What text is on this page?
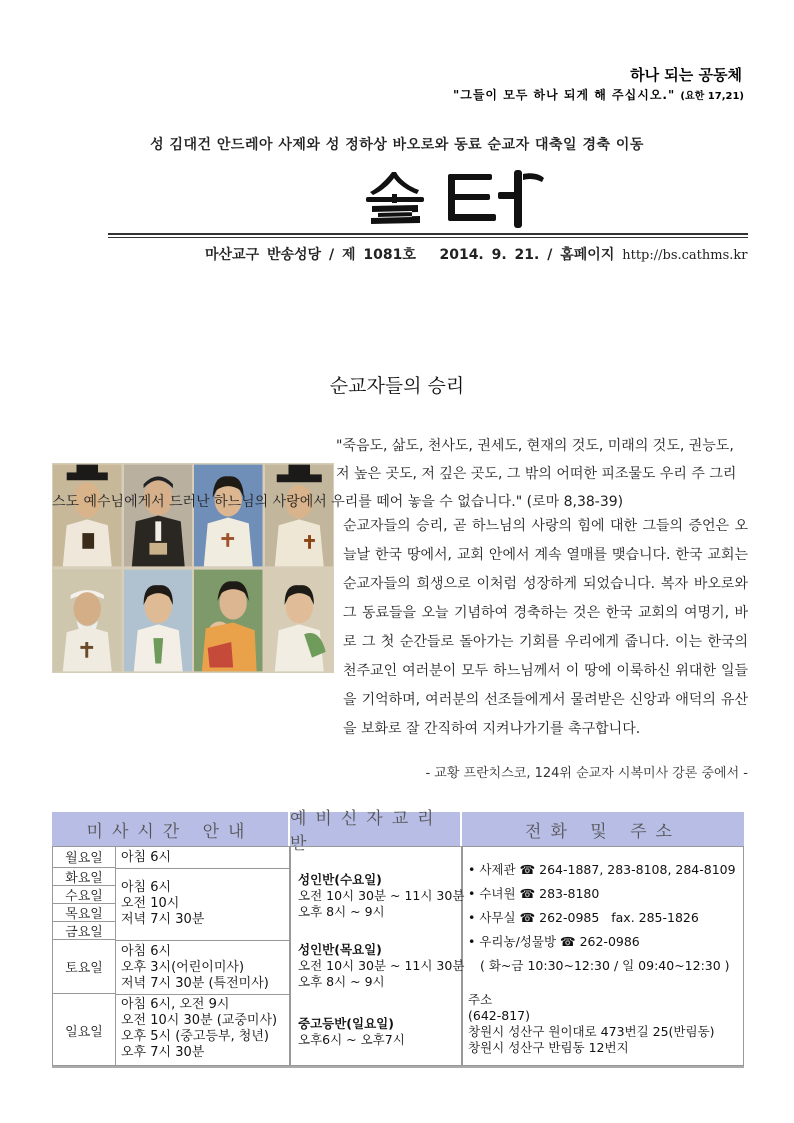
하나 되는 공동체
"그들이 모두 하나 되게 해 주십시오." (요한 17,21)
성 김대건 안드레아 사제와 성 정하상 바오로와 동료 순교자 대축일 경축 이동
마산교구 반송성당 / 제 1081호 2014. 9. 21. / 홈페이지 http://bs.cathms.kr
순교자들의 승리
"죽음도, 삶도, 천사도, 권세도, 현재의 것도, 미래의 것도, 권능도, 저 높은 곳도, 저 깊은 곳도, 그 밖의 어떠한 피조물도 우리 주 그리스도 예수님에게서 드러난 하느님의 사랑에서 우리를 떼어 놓을 수 없습니다." (로마 8,38-39)
순교자들의 승리, 곧 하느님의 사랑의 힘에 대한 그들의 증언은 오늘날 한국 땅에서, 교회 안에서 계속 열매를 맺습니다. 한국 교회는 순교자들의 희생으로 이처럼 성장하게 되었습니다. 복자 바오로와 그 동료들을 오늘 기념하여 경축하는 것은 한국 교회의 여명기, 바로 그 첫 순간들로 돌아가는 기회를 우리에게 줍니다. 이는 한국의 천주교인 여러분이 모두 하느님께서 이 땅에 이룩하신 위대한 일들을 기억하며, 여러분의 선조들에게서 물려받은 신앙과 애덕의 유산을 보화로 잘 간직하여 지켜나가기를 촉구합니다.
- 교황 프란치스코, 124위 순교자 시복미사 강론 중에서 -
미사시간 안내
예비신자교리반
전화 및 주소
월요일
화요일
수요일
목요일
금요일
토요일
일요일
아침 6시
아침 6시
오전 10시
저녁 7시 30분
아침 6시
오후 3시(어린이미사)
저녁 7시 30분 (특전미사)
아침 6시, 오전 9시
오전 10시 30분 (교중미사)
오후 5시 (중고등부, 청년)
오후 7시 30분
성인반(수요일)
오전 10시 30분 ~ 11시 30분
오후 8시 ~ 9시
성인반(목요일)
오전 10시 30분 ~ 11시 30분
오후 8시 ~ 9시
중고등반(일요일)
오후6시 ~ 오후7시
• 사제관 ☎ 264-1887, 283-8108, 284-8109
• 수녀원 ☎ 283-8180
• 사무실 ☎ 262-0985   fax. 285-1826
• 우리농/성물방 ☎ 262-0986
( 화~금 10:30~12:30 / 일 09:40~12:30 )
주소
(642-817)
창원시 성산구 원이대로 473번길 25(반림동)
창원시 성산구 반림동 12번지
